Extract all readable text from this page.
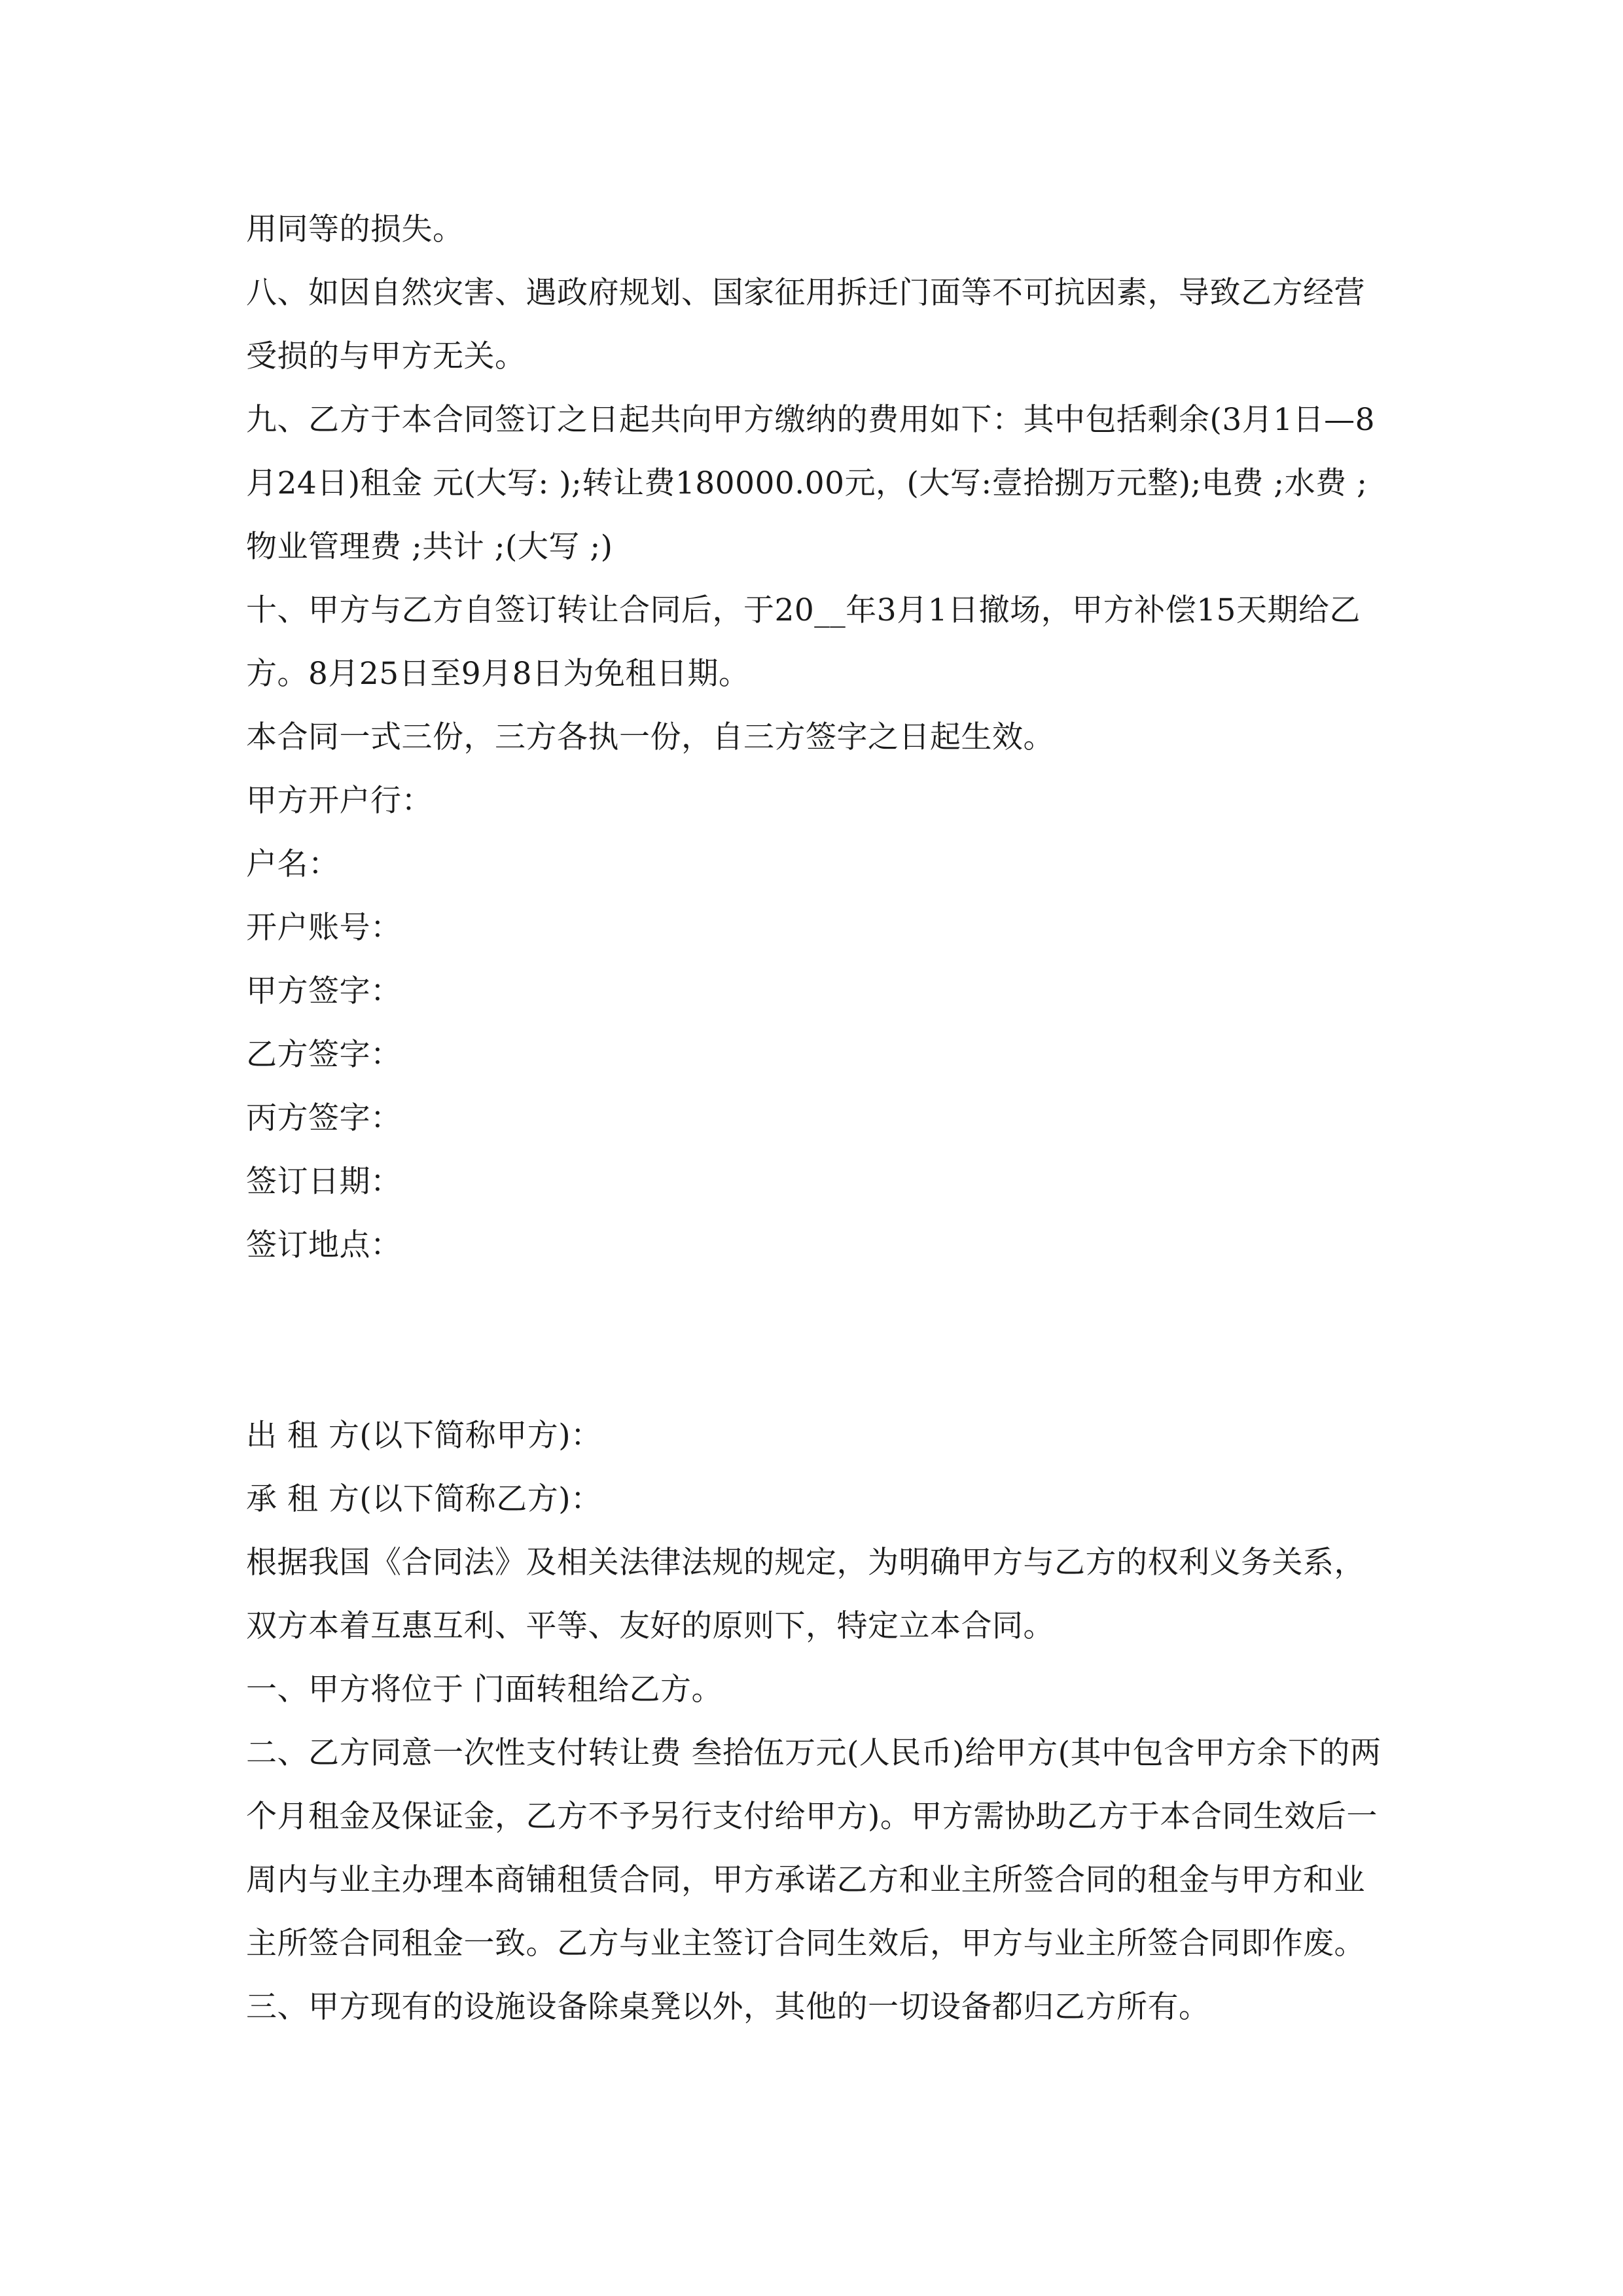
用同等的损失。

八、如因自然灾害、遇政府规划、国家征用拆迁门面等不可抗因素，导致乙方经营受损的与甲方无关。

九、乙方于本合同签订之日起共向甲方缴纳的费用如下：其中包括剩余(3月1日—8月24日)租金 元(大写: );转让费180000.00元，(大写:壹拾捌万元整);电费 ;水费 ;物业管理费 ;共计 ;(大写 ;)

十、甲方与乙方自签订转让合同后，于20__年3月1日撤场，甲方补偿15天期给乙方。8月25日至9月8日为免租日期。

本合同一式三份，三方各执一份，自三方签字之日起生效。

甲方开户行：

户名：

开户账号：

甲方签字：

乙方签字：

丙方签字：

签订日期：

签订地点：

出 租 方(以下简称甲方)：

承 租 方(以下简称乙方)：

根据我国《合同法》及相关法律法规的规定，为明确甲方与乙方的权利义务关系，双方本着互惠互利、平等、友好的原则下，特定立本合同。

一、甲方将位于 门面转租给乙方。

二、乙方同意一次性支付转让费 叁拾伍万元(人民币)给甲方(其中包含甲方余下的两个月租金及保证金，乙方不予另行支付给甲方)。甲方需协助乙方于本合同生效后一周内与业主办理本商铺租赁合同，甲方承诺乙方和业主所签合同的租金与甲方和业主所签合同租金一致。乙方与业主签订合同生效后，甲方与业主所签合同即作废。

三、甲方现有的设施设备除桌凳以外，其他的一切设备都归乙方所有。
